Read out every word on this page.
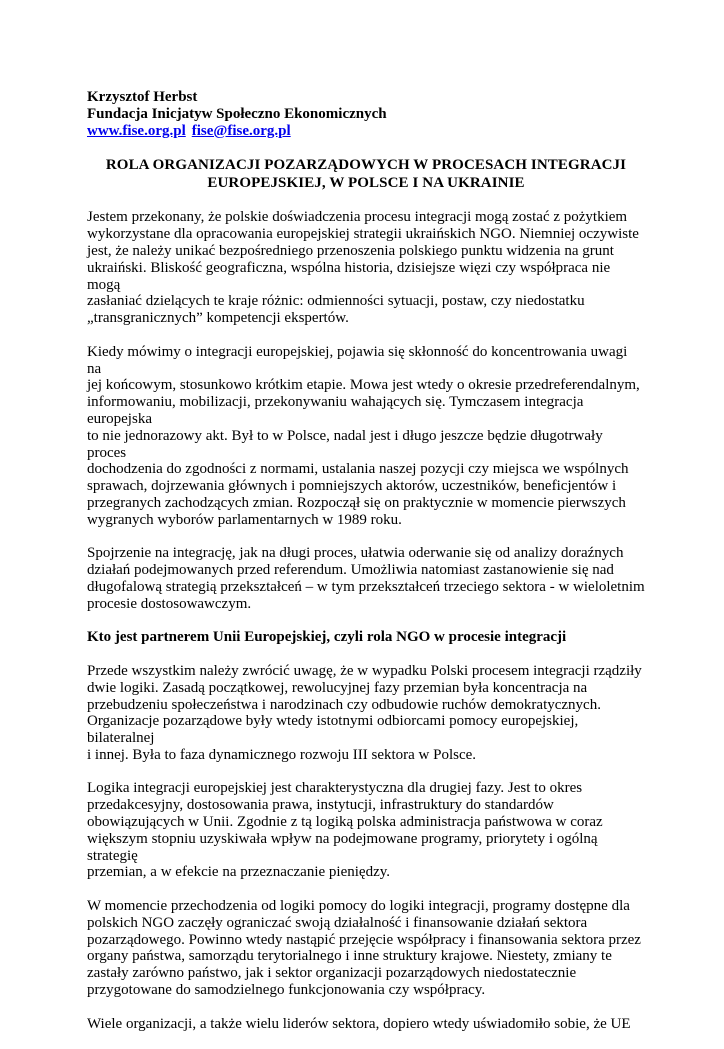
Krzysztof Herbst
Fundacja Inicjatyw Społeczno Ekonomicznych
www.fise.org.pl fise@fise.org.pl
ROLA ORGANIZACJI POZARZĄDOWYCH W PROCESACH INTEGRACJI
EUROPEJSKIEJ, W POLSCE I NA UKRAINIE

Jestem przekonany, że polskie doświadczenia procesu integracji mogą zostać z pożytkiem
wykorzystane dla opracowania europejskiej strategii ukraińskich NGO. Niemniej oczywiste
jest, że należy unikać bezpośredniego przenoszenia polskiego punktu widzenia na grunt
ukraiński. Bliskość geograficzna, wspólna historia, dzisiejsze więzi czy współpraca nie mogą
zasłaniać dzielących te kraje różnic: odmienności sytuacji, postaw, czy niedostatku
„transgranicznych” kompetencji ekspertów.

Kiedy mówimy o integracji europejskiej, pojawia się skłonność do koncentrowania uwagi na
jej końcowym, stosunkowo krótkim etapie. Mowa jest wtedy o okresie przedreferendalnym,
informowaniu, mobilizacji, przekonywaniu wahających się. Tymczasem integracja europejska
to nie jednorazowy akt. Był to w Polsce, nadal jest i długo jeszcze będzie długotrwały proces
dochodzenia do zgodności z normami, ustalania naszej pozycji czy miejsca we wspólnych
sprawach, dojrzewania głównych i pomniejszych aktorów, uczestników, beneficjentów i
przegranych zachodzących zmian. Rozpoczął się on praktycznie w momencie pierwszych
wygranych wyborów parlamentarnych w 1989 roku.

Spojrzenie na integrację, jak na długi proces, ułatwia oderwanie się od analizy doraźnych
działań podejmowanych przed referendum. Umożliwia natomiast zastanowienie się nad
długofalową strategią przekształceń – w tym przekształceń trzeciego sektora - w wieloletnim
procesie dostosowawczym.

Kto jest partnerem Unii Europejskiej, czyli rola NGO w procesie integracji

Przede wszystkim należy zwrócić uwagę, że w wypadku Polski procesem integracji rządziły
dwie logiki. Zasadą początkowej, rewolucyjnej fazy przemian była koncentracja na
przebudzeniu społeczeństwa i narodzinach czy odbudowie ruchów demokratycznych.
Organizacje pozarządowe były wtedy istotnymi odbiorcami pomocy europejskiej, bilateralnej
i innej. Była to faza dynamicznego rozwoju III sektora w Polsce.

Logika integracji europejskiej jest charakterystyczna dla drugiej fazy. Jest to okres
przedakcesyjny, dostosowania prawa, instytucji, infrastruktury do standardów
obowiązujących w Unii. Zgodnie z tą logiką polska administracja państwowa w coraz
większym stopniu uzyskiwała wpływ na podejmowane programy, priorytety i ogólną strategię
przemian, a w efekcie na przeznaczanie pieniędzy.

W momencie przechodzenia od logiki pomocy do logiki integracji, programy dostępne dla
polskich NGO zaczęły ograniczać swoją działalność i finansowanie działań sektora
pozarządowego. Powinno wtedy nastąpić przejęcie współpracy i finansowania sektora przez
organy państwa, samorządu terytorialnego i inne struktury krajowe. Niestety, zmiany te
zastały zarówno państwo, jak i sektor organizacji pozarządowych niedostatecznie
przygotowane do samodzielnego funkcjonowania czy współpracy.

Wiele organizacji, a także wielu liderów sektora, dopiero wtedy uświadomiło sobie, że UE
